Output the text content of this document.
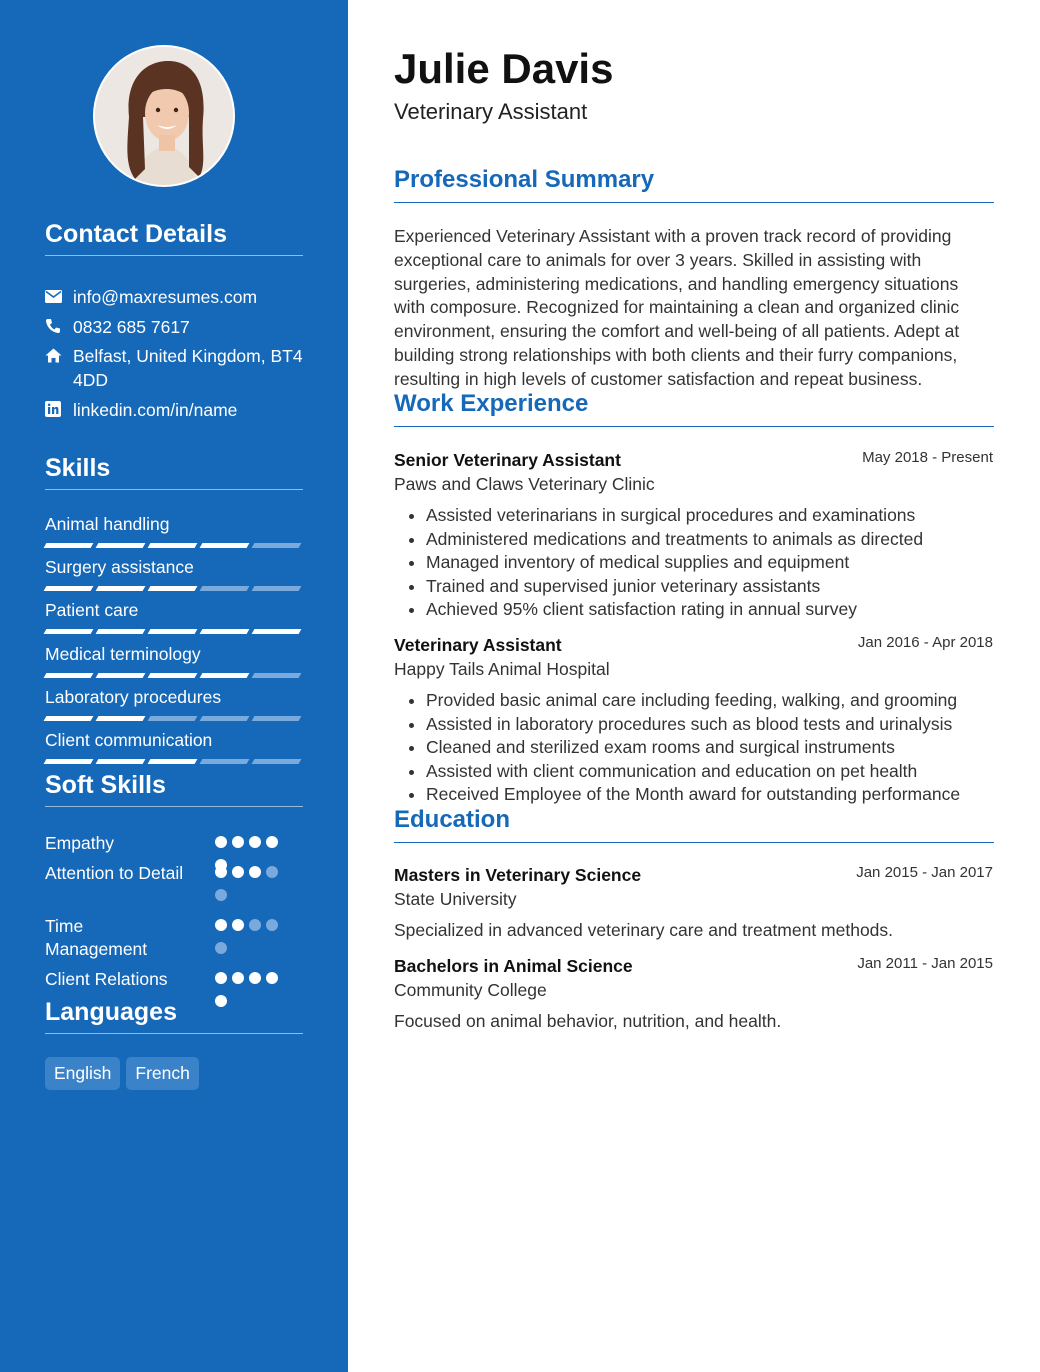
Contact Details
info@maxresumes.com
0832 685 7617
Belfast, United Kingdom, BT4 4DD
linkedin.com/in/name
Skills
Animal handling
Surgery assistance
Patient care
Medical terminology
Laboratory procedures
Client communication
Soft Skills
Empathy
Attention to Detail
Time Management
Client Relations
Languages
English	French
Julie Davis
Veterinary Assistant
Professional Summary
Experienced Veterinary Assistant with a proven track record of providing exceptional care to animals for over 3 years. Skilled in assisting with surgeries, administering medications, and handling emergency situations with composure. Recognized for maintaining a clean and organized clinic environment, ensuring the comfort and well-being of all patients. Adept at building strong relationships with both clients and their furry companions, resulting in high levels of customer satisfaction and repeat business.
Work Experience
Senior Veterinary Assistant	May 2018 - Present
Paws and Claws Veterinary Clinic
• Assisted veterinarians in surgical procedures and examinations
• Administered medications and treatments to animals as directed
• Managed inventory of medical supplies and equipment
• Trained and supervised junior veterinary assistants
• Achieved 95% client satisfaction rating in annual survey
Veterinary Assistant	Jan 2016 - Apr 2018
Happy Tails Animal Hospital
• Provided basic animal care including feeding, walking, and grooming
• Assisted in laboratory procedures such as blood tests and urinalysis
• Cleaned and sterilized exam rooms and surgical instruments
• Assisted with client communication and education on pet health
• Received Employee of the Month award for outstanding performance
Education
Masters in Veterinary Science	Jan 2015 - Jan 2017
State University
Specialized in advanced veterinary care and treatment methods.
Bachelors in Animal Science	Jan 2011 - Jan 2015
Community College
Focused on animal behavior, nutrition, and health.
